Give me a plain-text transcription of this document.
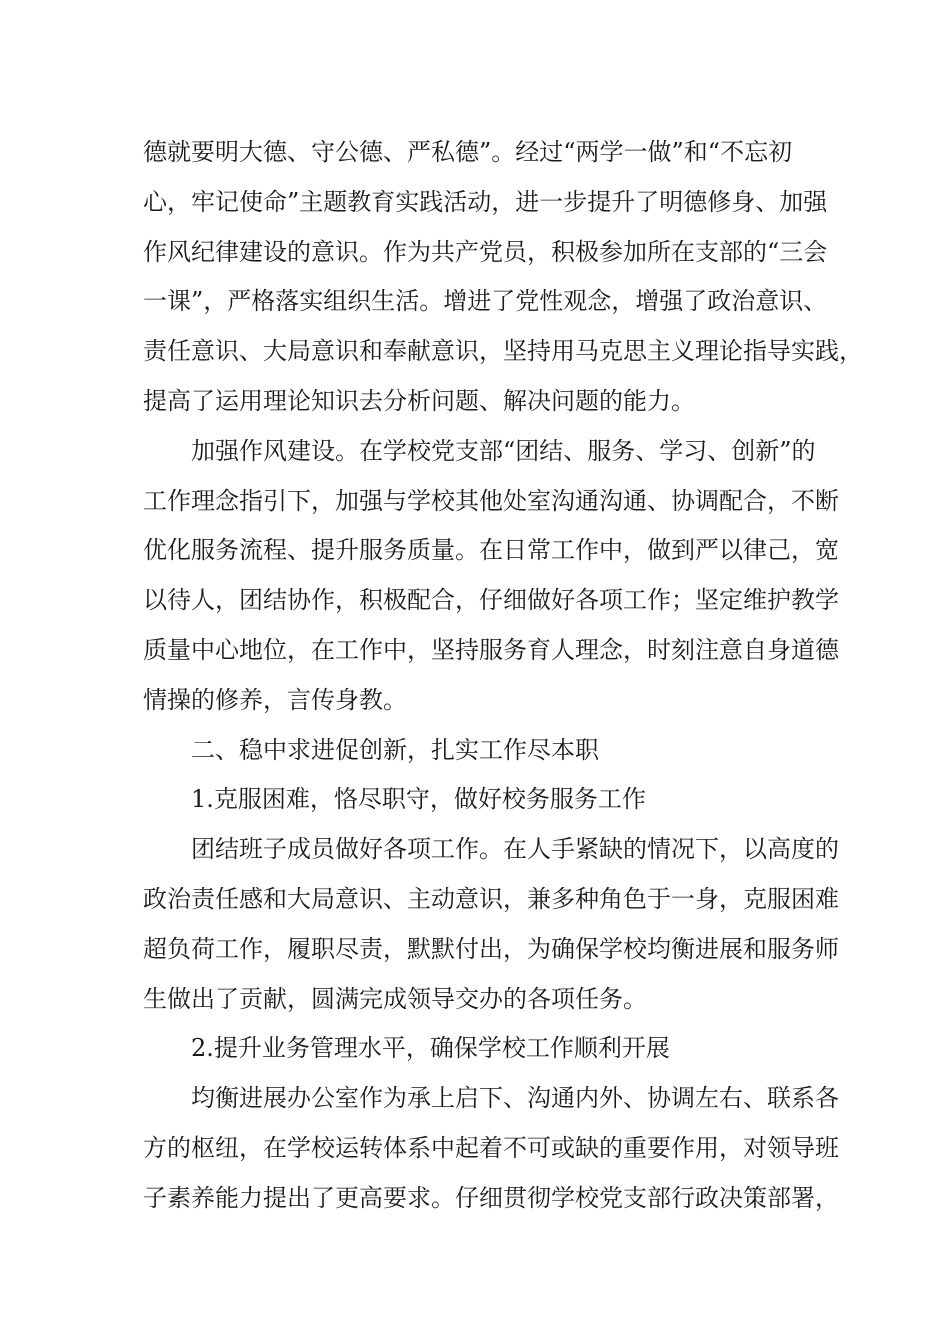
德就要明大德、守公德、严私德”。经过“两学一做”和“不忘初
心，牢记使命”主题教育实践活动，进一步提升了明德修身、加强
作风纪律建设的意识。作为共产党员，积极参加所在支部的“三会
一课”，严格落实组织生活。增进了党性观念，增强了政治意识、
责任意识、大局意识和奉献意识，坚持用马克思主义理论指导实践，
提高了运用理论知识去分析问题、解决问题的能力。
加强作风建设。在学校党支部“团结、服务、学习、创新”的
工作理念指引下，加强与学校其他处室沟通沟通、协调配合，不断
优化服务流程、提升服务质量。在日常工作中，做到严以律己，宽
以待人，团结协作，积极配合，仔细做好各项工作；坚定维护教学
质量中心地位，在工作中，坚持服务育人理念，时刻注意自身道德
情操的修养，言传身教。
二、稳中求进促创新，扎实工作尽本职
1.克服困难，恪尽职守，做好校务服务工作
团结班子成员做好各项工作。在人手紧缺的情况下，以高度的
政治责任感和大局意识、主动意识，兼多种角色于一身，克服困难
超负荷工作，履职尽责，默默付出，为确保学校均衡进展和服务师
生做出了贡献，圆满完成领导交办的各项任务。
2.提升业务管理水平，确保学校工作顺利开展
均衡进展办公室作为承上启下、沟通内外、协调左右、联系各
方的枢纽，在学校运转体系中起着不可或缺的重要作用，对领导班
子素养能力提出了更高要求。仔细贯彻学校党支部行政决策部署，
